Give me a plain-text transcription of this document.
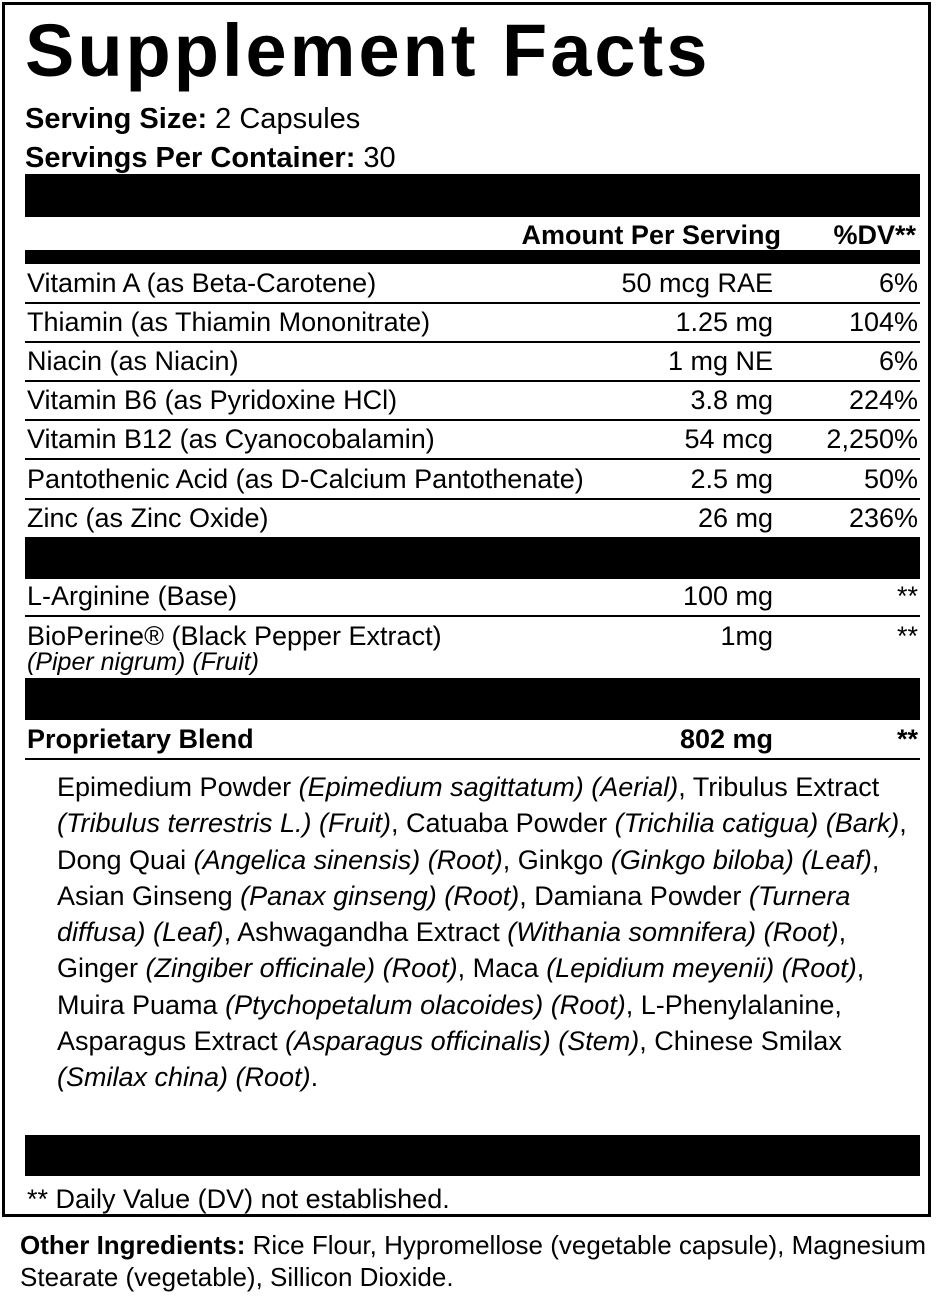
Supplement Facts
Serving Size: 2 Capsules
Servings Per Container: 30
Amount Per Serving %DV**
Vitamin A (as Beta-Carotene)	50 mcg RAE	6%
Thiamin (as Thiamin Mononitrate)	1.25 mg	104%
Niacin (as Niacin)	1 mg NE	6%
Vitamin B6 (as Pyridoxine HCl)	3.8 mg	224%
Vitamin B12 (as Cyanocobalamin)	54 mcg 2,250%
Pantothenic Acid (as D-Calcium Pantothenate)	2.5 mg	50%
Zinc (as Zinc Oxide)	26 mg	236%
L-Arginine (Base)	100 mg	**
BioPerine® (Black Pepper Extract)	1mg	**
(Piper nigrum) (Fruit)
Proprietary Blend	802 mg	**
Epimedium Powder (Epimedium sagittatum) (Aerial), Tribulus Extract (Tribulus terrestris L.) (Fruit), Catuaba Powder (Trichilia catigua) (Bark), Dong Quai (Angelica sinensis) (Root), Ginkgo (Ginkgo biloba) (Leaf), Asian Ginseng (Panax ginseng) (Root), Damiana Powder (Turnera diffusa) (Leaf), Ashwagandha Extract (Withania somnifera) (Root), Ginger (Zingiber officinale) (Root), Maca (Lepidium meyenii) (Root), Muira Puama (Ptychopetalum olacoides) (Root), L-Phenylalanine, Asparagus Extract (Asparagus officinalis) (Stem), Chinese Smilax (Smilax china) (Root).
** Daily Value (DV) not established.
Other Ingredients: Rice Flour, Hypromellose (vegetable capsule), Magnesium Stearate (vegetable), Sillicon Dioxide.
